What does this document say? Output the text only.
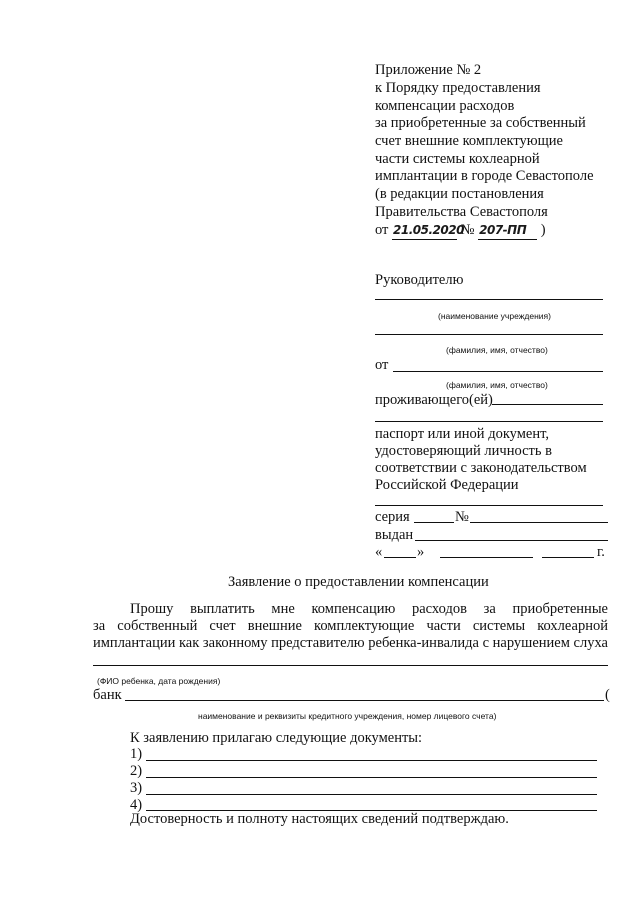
Приложение № 2
к Порядку предоставления
компенсации расходов
за приобретенные за собственный
счет внешние комплектующие
части системы кохлеарной
имплантации в городе Севастополе
(в редакции постановления
Правительства Севастополя
от 21.05.2020 № 207-ПП )
Руководителю
(наименование учреждения)
(фамилия, имя, отчество)
от
(фамилия, имя, отчество)
проживающего(ей)
паспорт или иной документ,
удостоверяющий личность в
соответствии с законодательством
Российской Федерации
серия	№
выдан
« »	г.
Заявление о предоставлении компенсации
Прошу выплатить мне компенсацию расходов за приобретенные
за собственный счет внешние комплектующие части системы кохлеарной
имплантации как законному представителю ребенка-инвалида с нарушением слуха
(ФИО ребенка, дата рождения)
банк	(
наименование и реквизиты кредитного учреждения, номер лицевого счета)
К заявлению прилагаю следующие документы:
1)
2)
3)
4)
Достоверность и полноту настоящих сведений подтверждаю.
